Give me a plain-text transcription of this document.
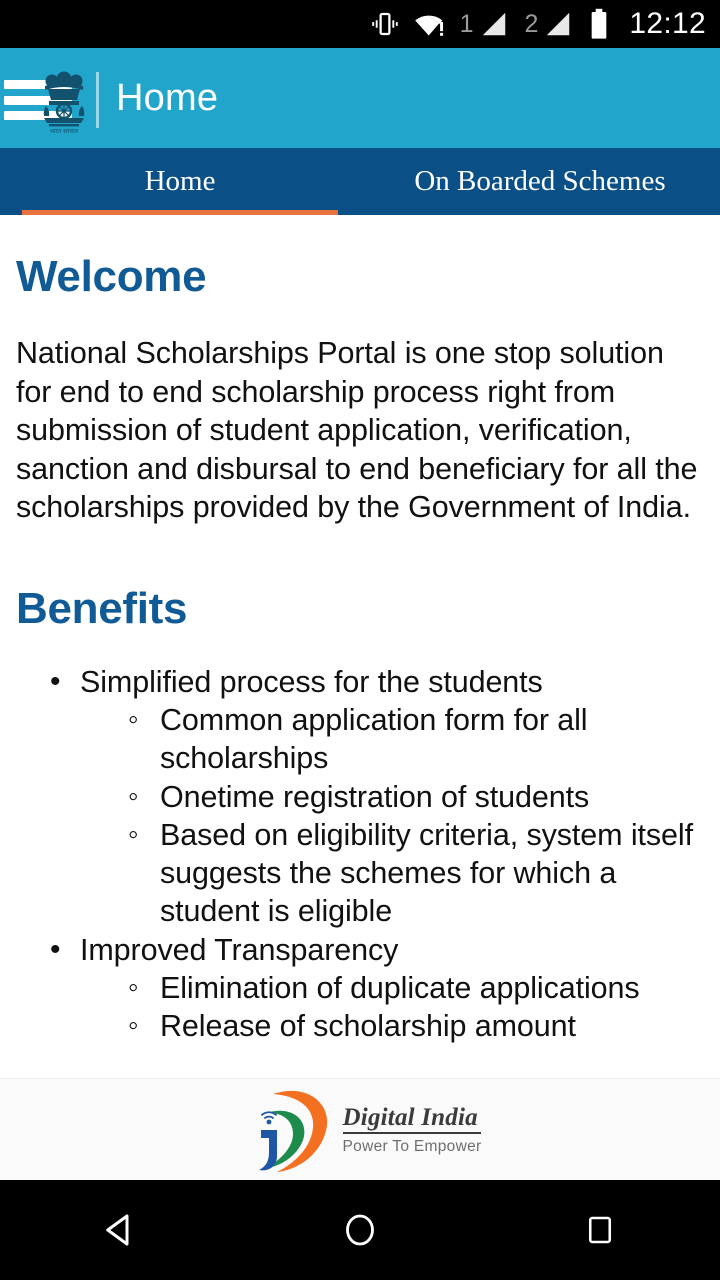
1 2	12:12
भारत सरकार
Home
Home	On Boarded Schemes
Welcome

National Scholarships Portal is one stop solution for end to end scholarship process right from submission of student application, verification, sanction and disbursal to end beneficiary for all the scholarships provided by the Government of India.

Benefits
• Simplified process for the students
◦ Common application form for all scholarships
◦ Onetime registration of students
◦ Based on eligibility criteria, system itself suggests the schemes for which a student is eligible
• Improved Transparency
◦ Elimination of duplicate applications
◦ Release of scholarship amount
Digital India
Power To Empower
